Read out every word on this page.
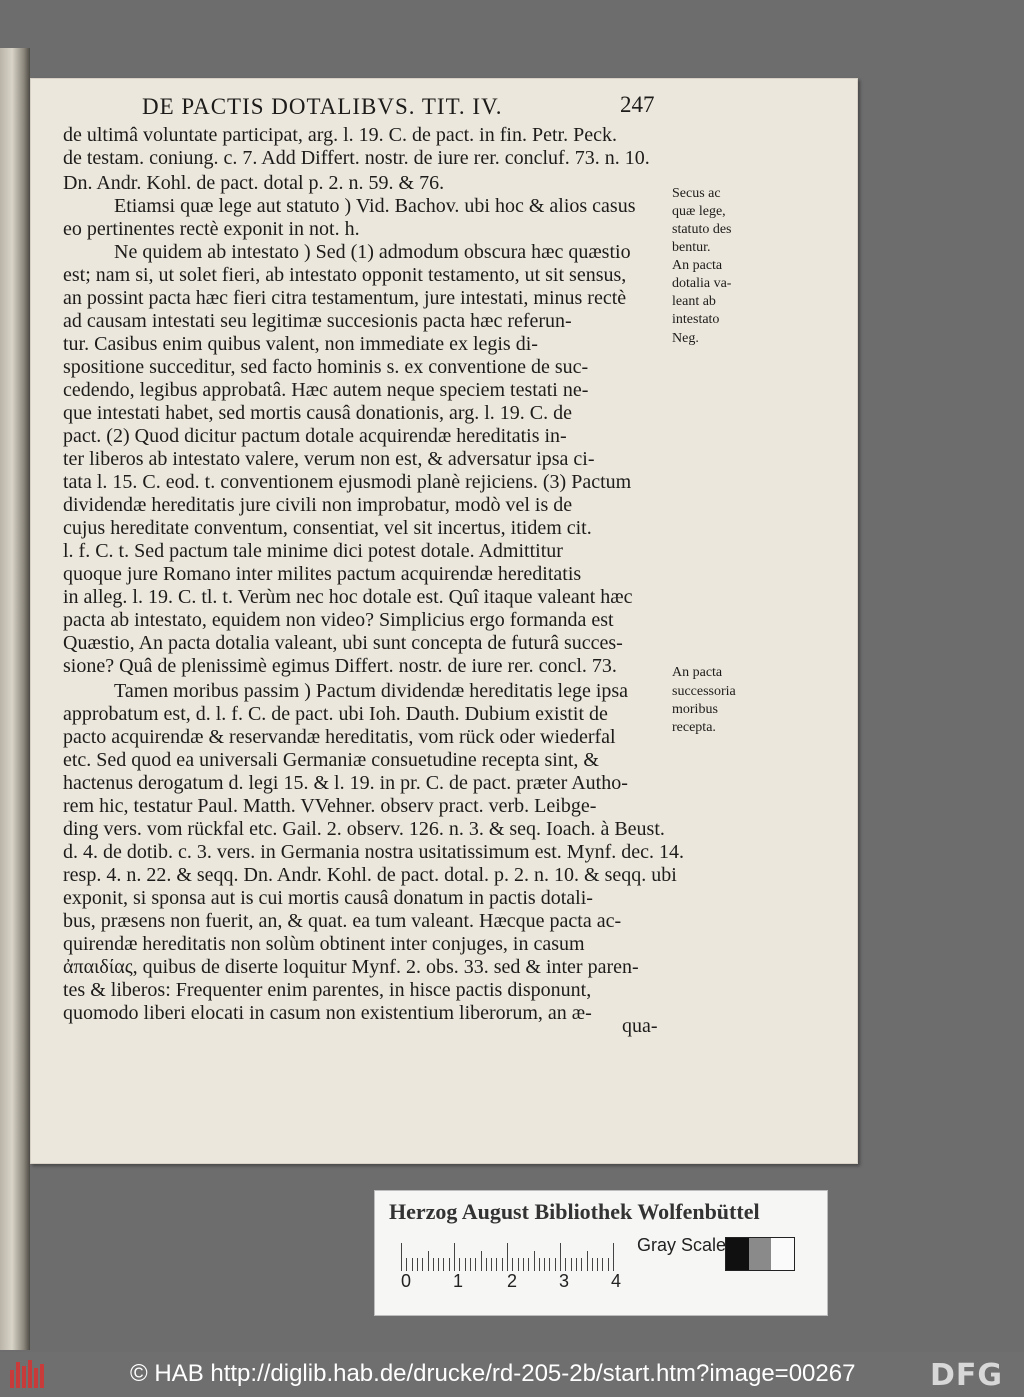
DE PACTIS DOTALIBVS. TIT. IV.	247
de ultimâ voluntate participat, arg. l. 19. C. de pact. in fin. Petr. Peck.
de testam. coniung. c. 7. Add Differt. nostr. de iure rer. concluf. 73. n. 10.
Dn. Andr. Kohl. de pact. dotal p. 2. n. 59. & 76.
Etiamsi quæ lege aut statuto ) Vid. Bachov. ubi hoc & alios casus
eo pertinentes rectè exponit in not. h.
Ne quidem ab intestato ) Sed (1) admodum obscura hæc quæstio
est; nam si, ut solet fieri, ab intestato opponit testamento, ut sit sensus,
an possint pacta hæc fieri citra testamentum, jure intestati, minus rectè
ad causam intestati seu legitimæ succesionis pacta hæc referun-
tur. Casibus enim quibus valent, non immediate ex legis di-
spositione succeditur, sed facto hominis s. ex conventione de suc-
cedendo, legibus approbatâ. Hæc autem neque speciem testati ne-
que intestati habet, sed mortis causâ donationis, arg. l. 19. C. de
pact. (2) Quod dicitur pactum dotale acquirendæ hereditatis in-
ter liberos ab intestato valere, verum non est, & adversatur ipsa ci-
tata l. 15. C. eod. t. conventionem ejusmodi planè rejiciens. (3) Pactum
dividendæ hereditatis jure civili non improbatur, modò vel is de
cujus hereditate conventum, consentiat, vel sit incertus, itidem cit.
l. f. C. t. Sed pactum tale minime dici potest dotale. Admittitur
quoque jure Romano inter milites pactum acquirendæ hereditatis
in alleg. l. 19. C. tl. t. Verùm nec hoc dotale est. Quî itaque valeant hæc
pacta ab intestato, equidem non video? Simplicius ergo formanda est
Quæstio, An pacta dotalia valeant, ubi sunt concepta de futurâ succes-
sione? Quâ de plenissimè egimus Differt. nostr. de iure rer. concl. 73.
Tamen moribus passim ) Pactum dividendæ hereditatis lege ipsa
approbatum est, d. l. f. C. de pact. ubi Ioh. Dauth. Dubium existit de
pacto acquirendæ & reservandæ hereditatis, vom rück oder wiederfal
etc. Sed quod ea universali Germaniæ consuetudine recepta sint, &
hactenus derogatum d. legi 15. & l. 19. in pr. C. de pact. præter Autho-
rem hic, testatur Paul. Matth. VVehner. observ pract. verb. Leibge-
ding vers. vom rückfal etc. Gail. 2. observ. 126. n. 3. & seq. Ioach. à Beust.
d. 4. de dotib. c. 3. vers. in Germania nostra usitatissimum est. Mynf. dec. 14.
resp. 4. n. 22. & seqq. Dn. Andr. Kohl. de pact. dotal. p. 2. n. 10. & seqq. ubi
exponit, si sponsa aut is cui mortis causâ donatum in pactis dotali-
bus, præsens non fuerit, an, & quat. ea tum valeant. Hæcque pacta ac-
quirendæ hereditatis non solùm obtinent inter conjuges, in casum
ἀπαιδίας, quibus de diserte loquitur Mynf. 2. obs. 33. sed & inter paren-
tes & liberos: Frequenter enim parentes, in hisce pactis disponunt,
quomodo liberi elocati in casum non existentium liberorum, an æ-
qua-
Secus ac
quæ lege,
statuto des
bentur.
An pacta
dotalia va-
leant ab
intestato
Neg.
An pacta
successoria
moribus
recepta.
Herzog August Bibliothek Wolfenbüttel
0 1 2 3 4
Gray Scale
© HAB http://diglib.hab.de/drucke/rd-205-2b/start.htm?image=00267 DFG
